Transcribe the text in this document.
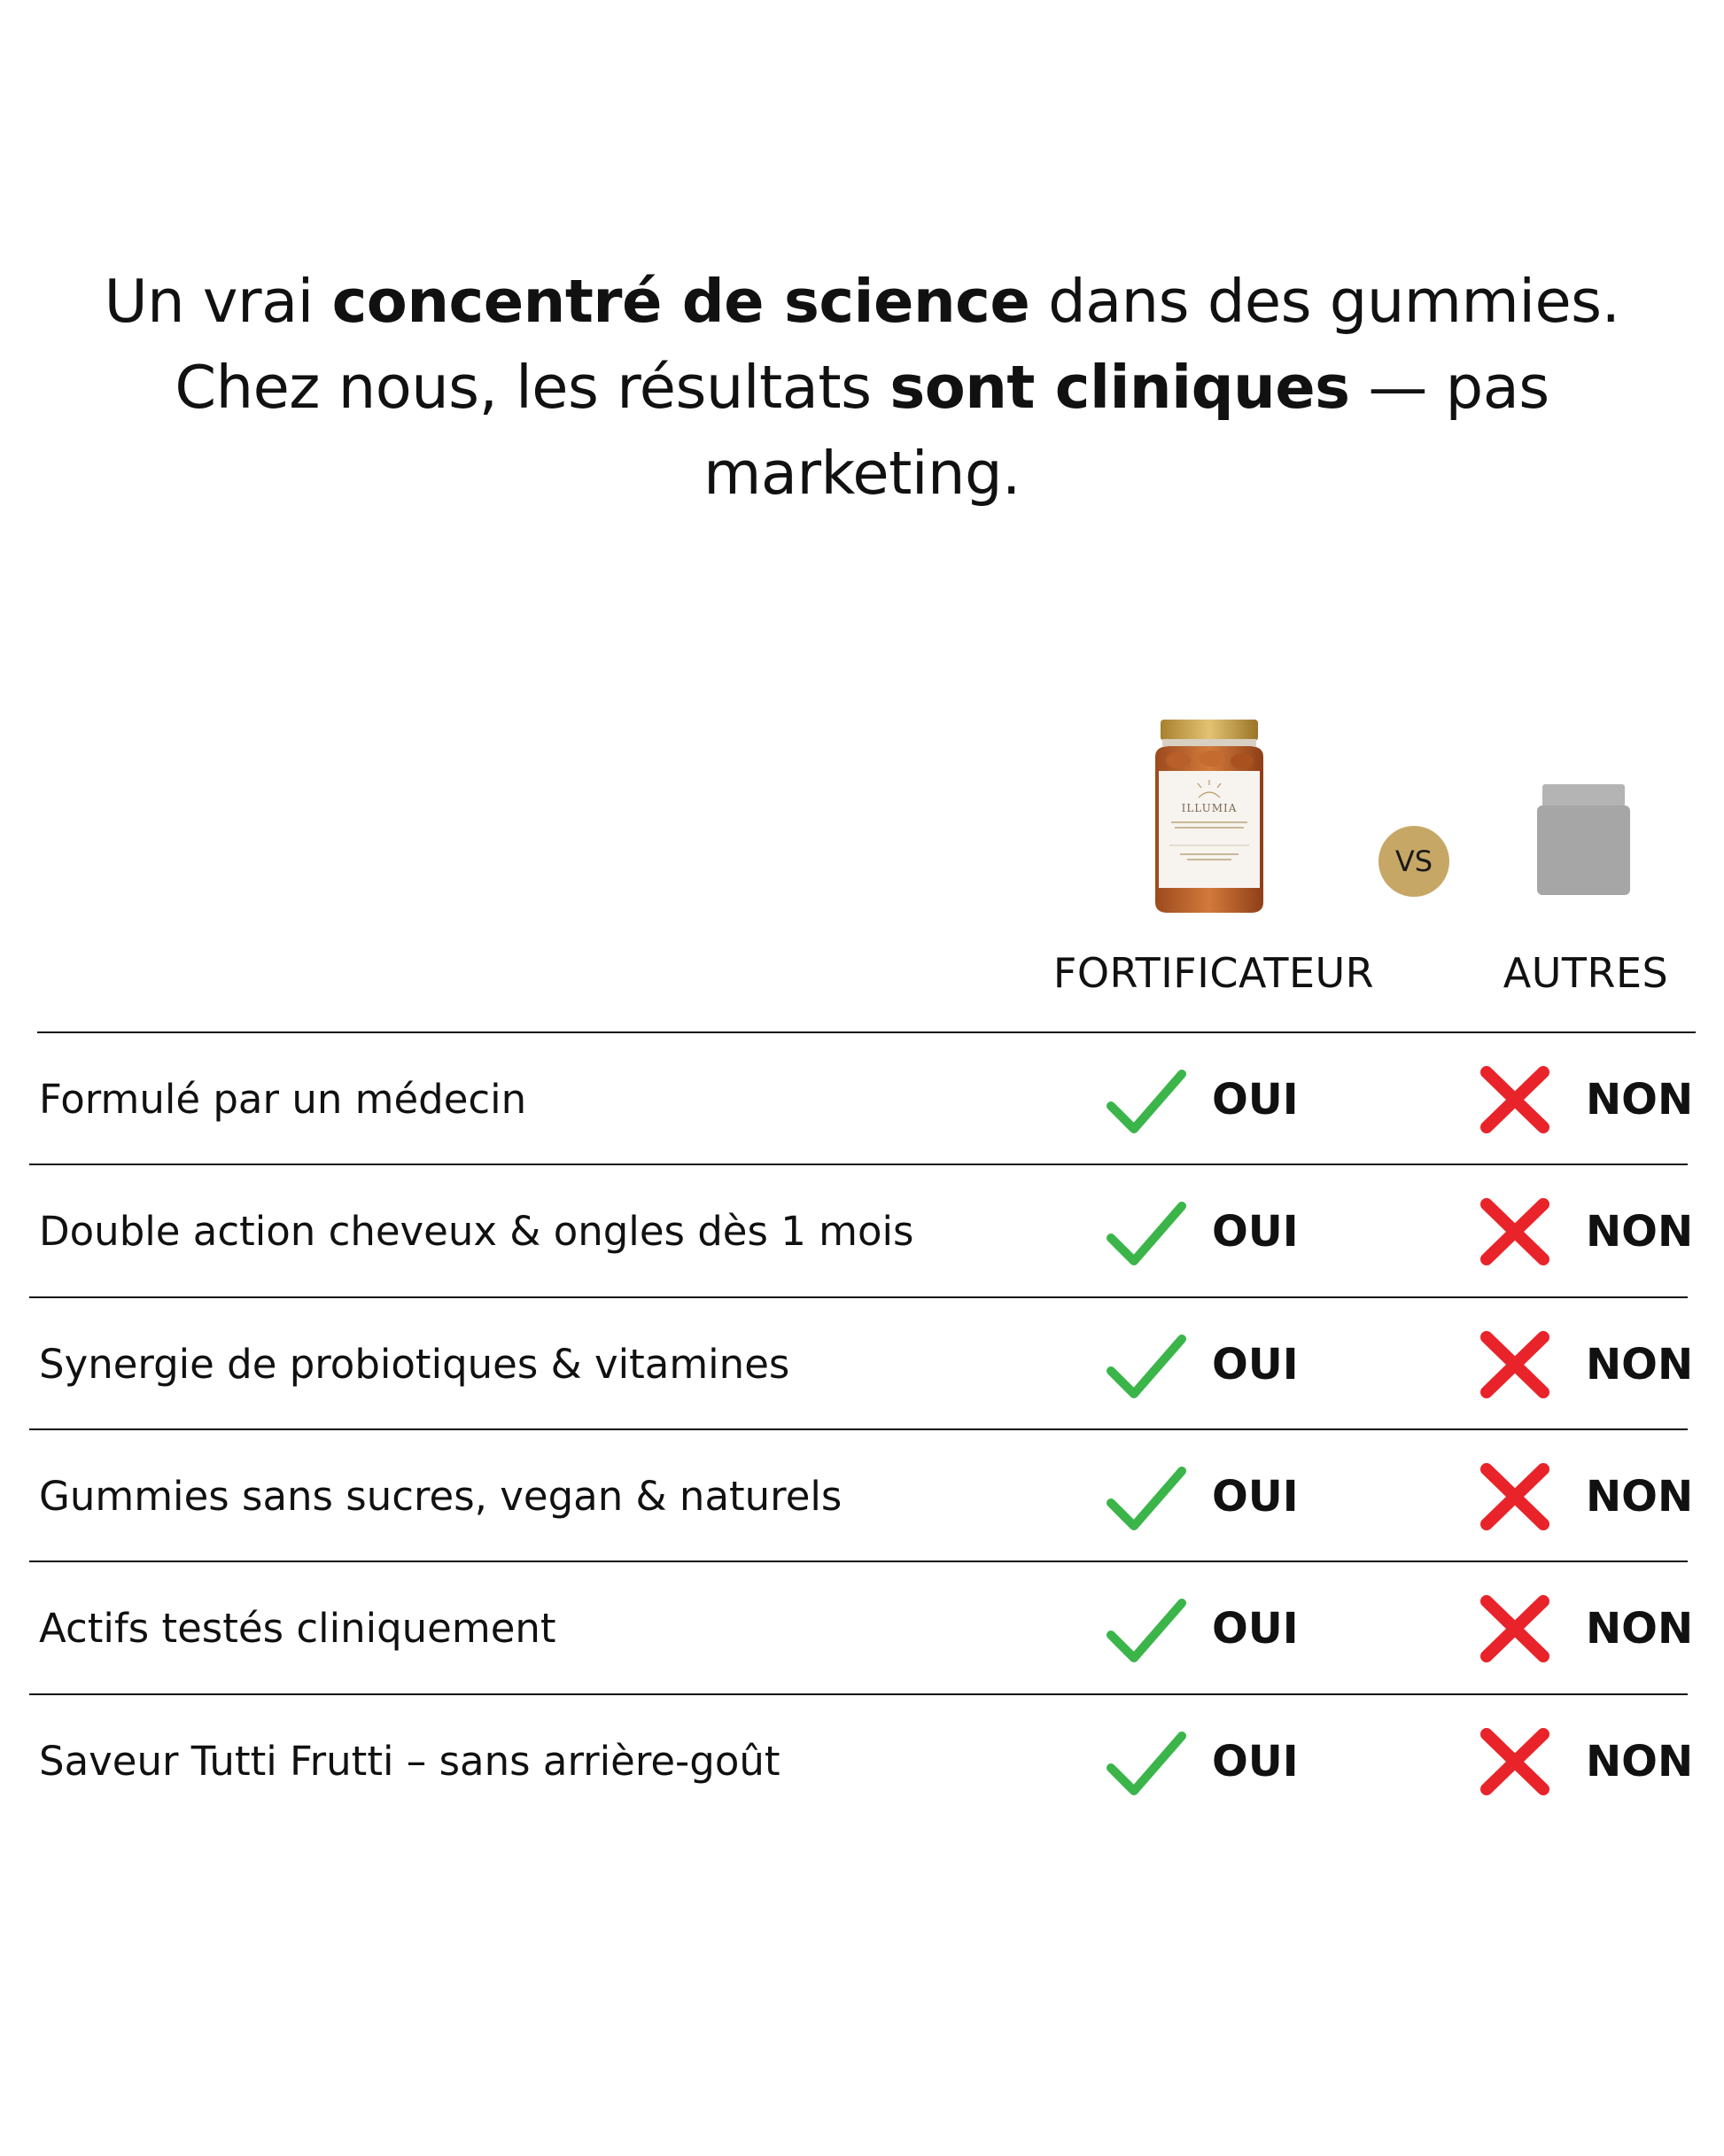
Un vrai concentré de science dans des gummies.
Chez nous, les résultats sont cliniques — pas
marketing.
ILLUMIA
VS
FORTIFICATEUR	AUTRES
Formulé par un médecin	OUI	NON
Double action cheveux & ongles dès 1 mois	OUI	NON
Synergie de probiotiques & vitamines	OUI	NON
Gummies sans sucres, vegan & naturels	OUI	NON
Actifs testés cliniquement	OUI	NON
Saveur Tutti Frutti – sans arrière-goût	OUI	NON
